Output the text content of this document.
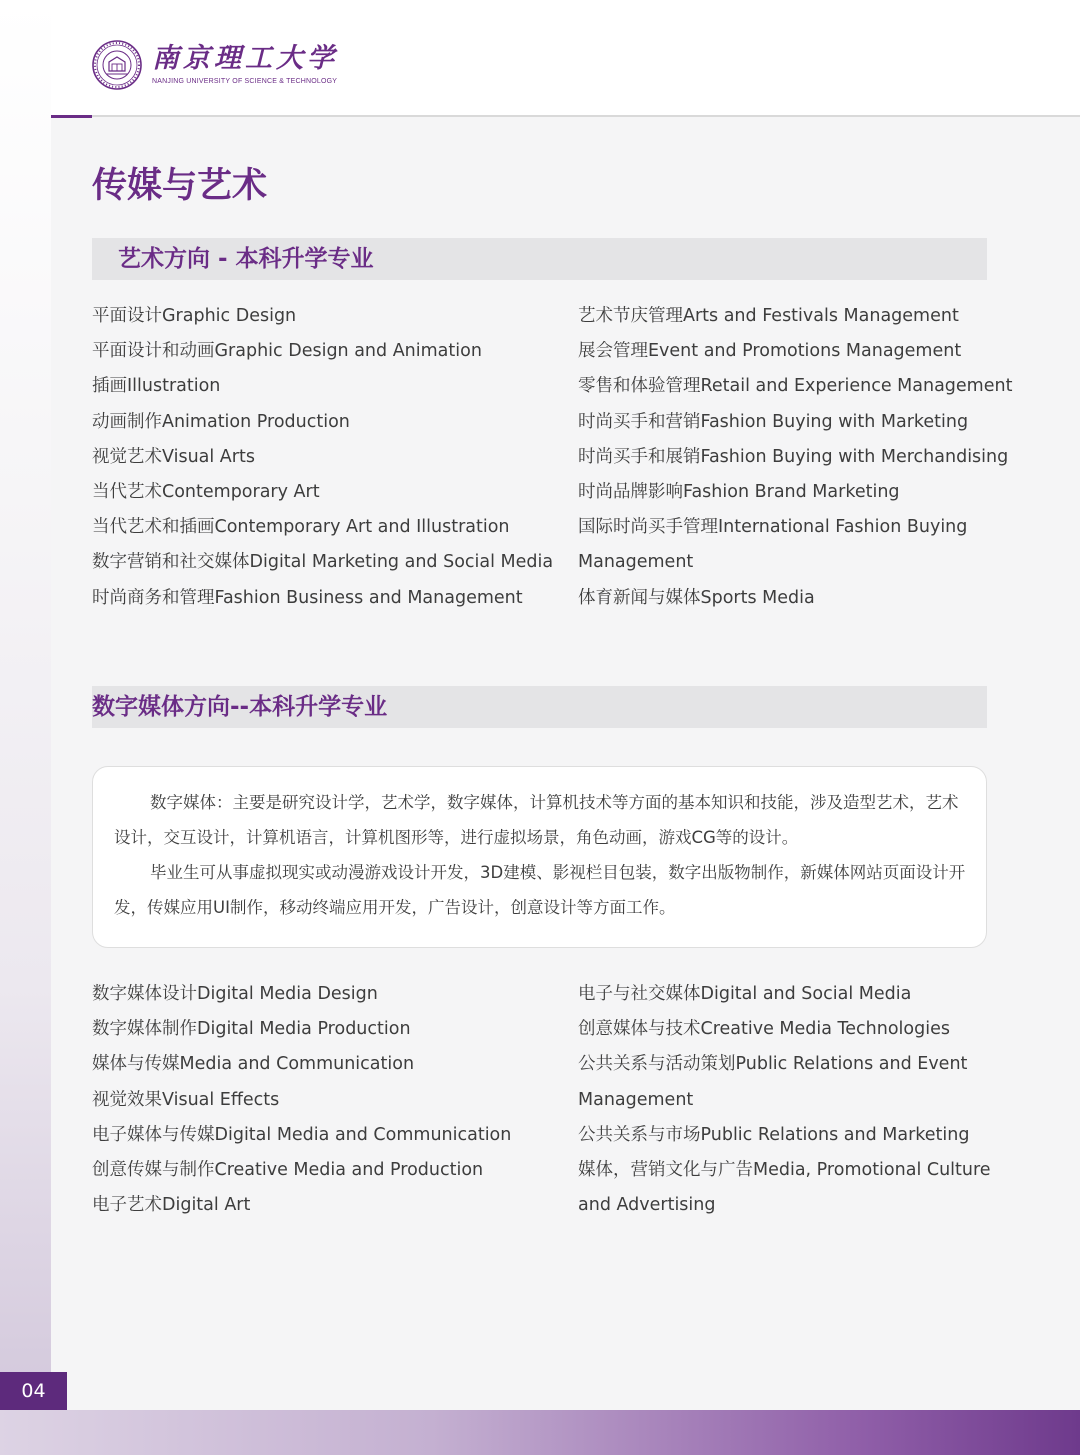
南京理工大学
NANJING UNIVERSITY OF SCIENCE & TECHNOLOGY
传媒与艺术
艺术方向 - 本科升学专业
平面设计Graphic Design
平面设计和动画Graphic Design and Animation
插画Illustration
动画制作Animation Production
视觉艺术Visual Arts
当代艺术Contemporary Art
当代艺术和插画Contemporary Art and Illustration
数字营销和社交媒体Digital Marketing and Social Media
时尚商务和管理Fashion Business and Management
艺术节庆管理Arts and Festivals Management
展会管理Event and Promotions Management
零售和体验管理Retail and Experience Management
时尚买手和营销Fashion Buying with Marketing
时尚买手和展销Fashion Buying with Merchandising
时尚品牌影响Fashion Brand Marketing
国际时尚买手管理International Fashion Buying
Management
体育新闻与媒体Sports Media
数字媒体方向--本科升学专业

数字媒体：主要是研究设计学，艺术学，数字媒体，计算机技术等方面的基本知识和技能，涉及造型艺术，艺术设计，交互设计，计算机语言，计算机图形等，进行虚拟场景，角色动画，游戏CG等的设计。

毕业生可从事虚拟现实或动漫游戏设计开发，3D建模、影视栏目包装，数字出版物制作，新媒体网站页面设计开发，传媒应用UI制作，移动终端应用开发，广告设计，创意设计等方面工作。

数字媒体设计Digital Media Design
数字媒体制作Digital Media Production
媒体与传媒Media and Communication
视觉效果Visual Effects
电子媒体与传媒Digital Media and Communication
创意传媒与制作Creative Media and Production
电子艺术Digital Art
电子与社交媒体Digital and Social Media
创意媒体与技术Creative Media Technologies
公共关系与活动策划Public Relations and Event
Management
公共关系与市场Public Relations and Marketing
媒体，营销文化与广告Media, Promotional Culture
and Advertising
04
